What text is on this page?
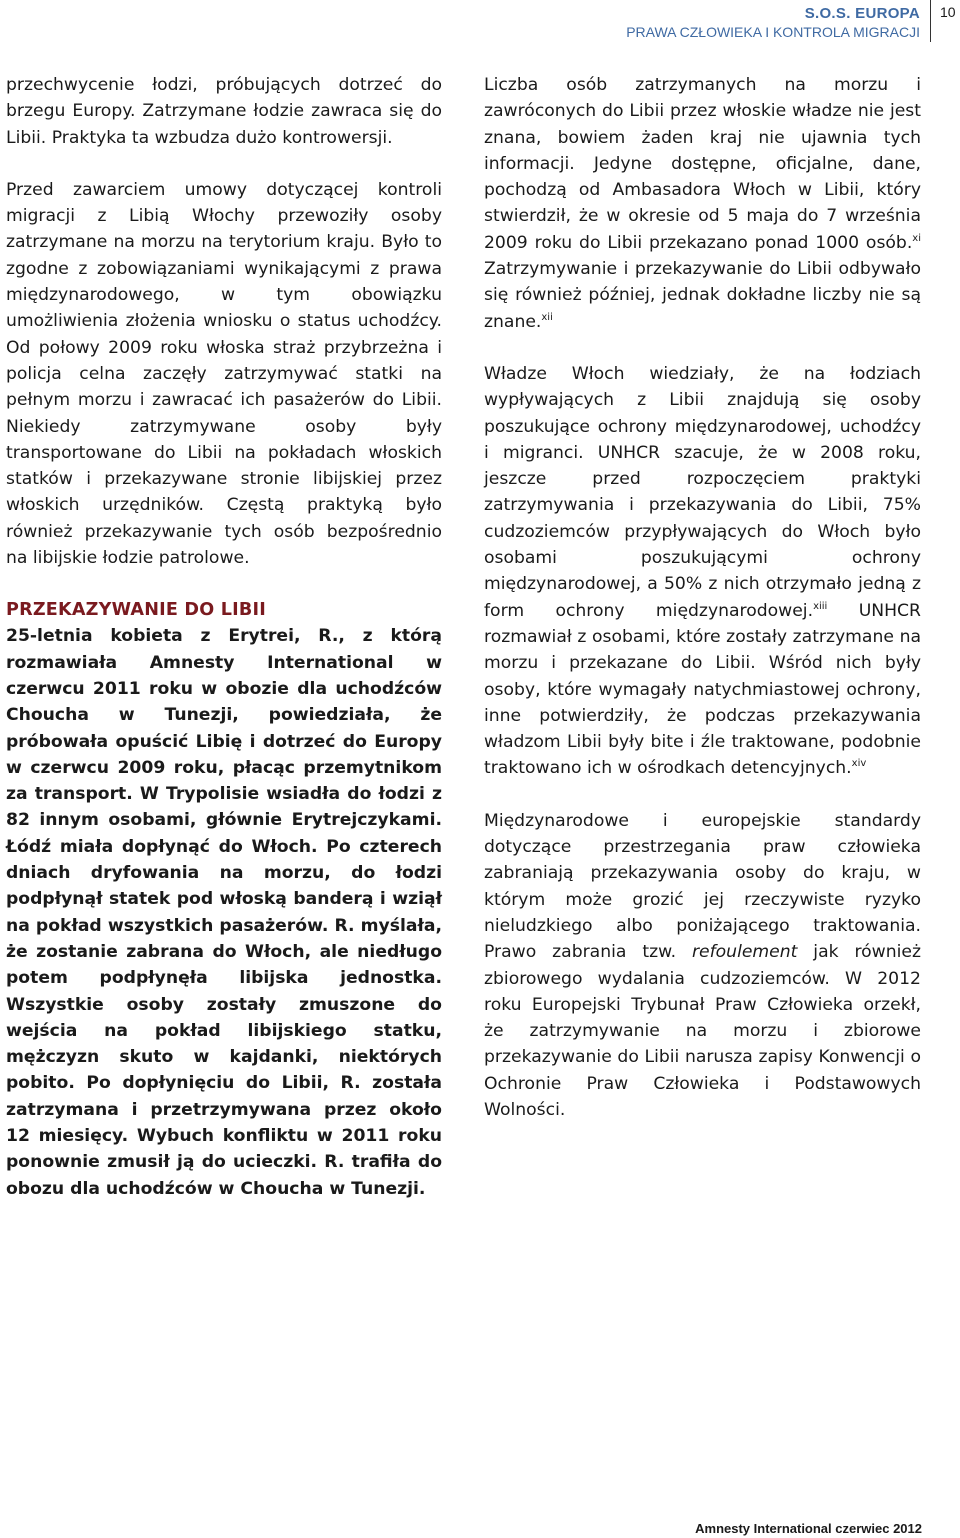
S.O.S. EUROPA
PRAWA CZŁOWIEKA I KONTROLA MIGRACJI
10

przechwycenie łodzi, próbujących dotrzeć do brzegu Europy. Zatrzymane łodzie zawraca się do Libii. Praktyka ta wzbudza dużo kontrowersji.

Przed zawarciem umowy dotyczącej kontroli migracji z Libią Włochy przewoziły osoby zatrzymane na morzu na terytorium kraju. Było to zgodne z zobowiązaniami wynikającymi z prawa międzynarodowego, w tym obowiązku umożliwienia złożenia wniosku o status uchodźcy. Od połowy 2009 roku włoska straż przybrzeżna i policja celna zaczęły zatrzymywać statki na pełnym morzu i zawracać ich pasażerów do Libii. Niekiedy zatrzymywane osoby były transportowane do Libii na pokładach włoskich statków i przekazywane stronie libijskiej przez włoskich urzędników. Częstą praktyką było również przekazywanie tych osób bezpośrednio na libijskie łodzie patrolowe.

PRZEKAZYWANIE DO LIBII

25-letnia kobieta z Erytrei, R., z którą rozmawiała Amnesty International w czerwcu 2011 roku w obozie dla uchodźców Choucha w Tunezji, powiedziała, że próbowała opuścić Libię i dotrzeć do Europy w czerwcu 2009 roku, płacąc przemytnikom za transport. W Trypolisie wsiadła do łodzi z 82 innym osobami, głównie Erytrejczykami. Łódź miała dopłynąć do Włoch. Po czterech dniach dryfowania na morzu, do łodzi podpłynął statek pod włoską banderą i wziął na pokład wszystkich pasażerów. R. myślała, że zostanie zabrana do Włoch, ale niedługo potem podpłynęła libijska jednostka. Wszystkie osoby zostały zmuszone do wejścia na pokład libijskiego statku, mężczyzn skuto w kajdanki, niektórych pobito. Po dopłynięciu do Libii, R. została zatrzymana i przetrzymywana przez około 12 miesięcy. Wybuch konfliktu w 2011 roku ponownie zmusił ją do ucieczki. R. trafiła do obozu dla uchodźców w Choucha w Tunezji.

Liczba osób zatrzymanych na morzu i zawróconych do Libii przez włoskie władze nie jest znana, bowiem żaden kraj nie ujawnia tych informacji. Jedyne dostępne, oficjalne, dane, pochodzą od Ambasadora Włoch w Libii, który stwierdził, że w okresie od 5 maja do 7 września 2009 roku do Libii przekazano ponad 1000 osób.$^{xi}$ Zatrzymywanie i przekazywanie do Libii odbywało się również później, jednak dokładne liczby nie są znane.$^{xii}$

Władze Włoch wiedziały, że na łodziach wypływających z Libii znajdują się osoby poszukujące ochrony międzynarodowej, uchodźcy i migranci. UNHCR szacuje, że w 2008 roku, jeszcze przed rozpoczęciem praktyki zatrzymywania i przekazywania do Libii, 75% cudzoziemców przypływających do Włoch było osobami poszukującymi ochrony międzynarodowej, a 50% z nich otrzymało jedną z form ochrony międzynarodowej.$^{xiii}$ UNHCR rozmawiał z osobami, które zostały zatrzymane na morzu i przekazane do Libii. Wśród nich były osoby, które wymagały natychmiastowej ochrony, inne potwierdziły, że podczas przekazywania władzom Libii były bite i źle traktowane, podobnie traktowano ich w ośrodkach detencyjnych.$^{xiv}$

Międzynarodowe i europejskie standardy dotyczące przestrzegania praw człowieka zabraniają przekazywania osoby do kraju, w którym może grozić jej rzeczywiste ryzyko nieludzkiego albo poniżającego traktowania. Prawo zabrania tzw. refoulement jak również zbiorowego wydalania cudzoziemców. W 2012 roku Europejski Trybunał Praw Człowieka orzekł, że zatrzymywanie na morzu i zbiorowe przekazywanie do Libii narusza zapisy Konwencji o Ochronie Praw Człowieka i Podstawowych Wolności.

Amnesty International czerwiec 2012
